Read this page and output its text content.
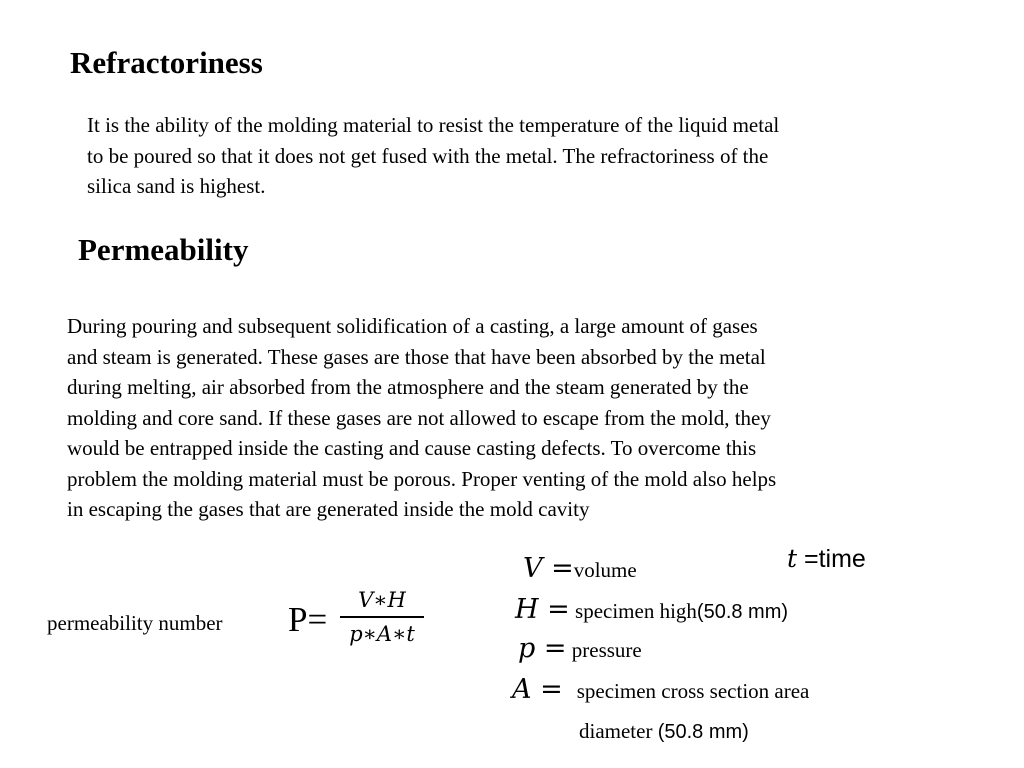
Refractoriness
It is the ability of the molding material to resist the temperature of the liquid metal
to be poured so that it does not get fused with the metal. The refractoriness of the
silica sand is highest.
Permeability
During pouring and subsequent solidification of a casting, a large amount of gases
and steam is generated. These gases are those that have been absorbed by the metal
during melting, air absorbed from the atmosphere and the steam generated by the
molding and core sand. If these gases are not allowed to escape from the mold, they
would be entrapped inside the casting and cause casting defects. To overcome this
problem the molding material must be porous. Proper venting of the mold also helps
in escaping the gases that are generated inside the mold cavity
permeability number P=	V∗H
p∗A∗t
V =volume	t =time
H = specimen high(50.8 mm)
p = pressure
A = specimen cross section area
diameter (50.8 mm)
